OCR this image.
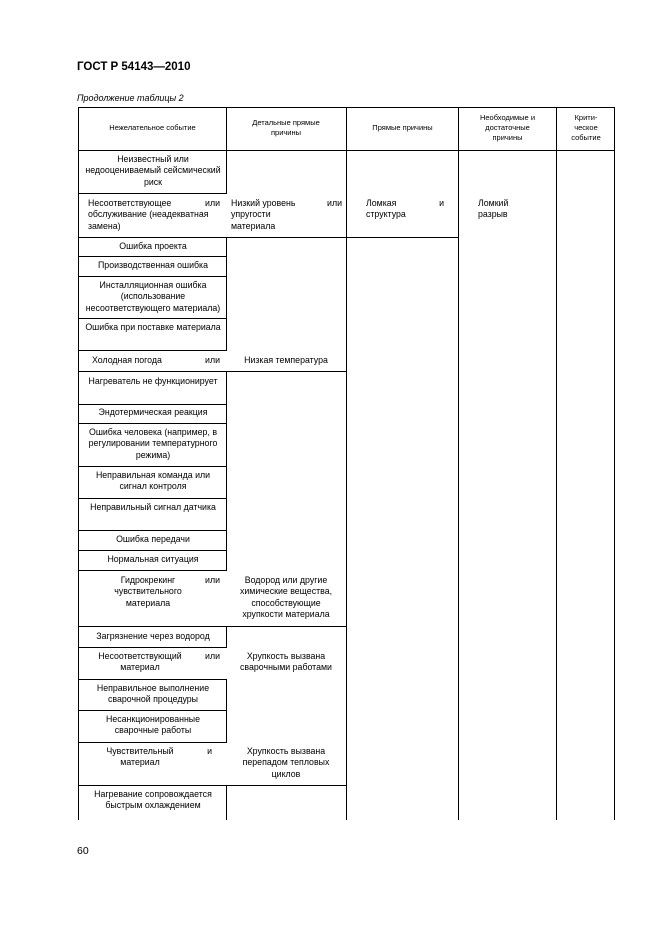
ГОСТ Р 54143—2010
Продолжение таблицы 2
Нежелательное событие
Детальные прямые причины
Прямые причины
Необходимые и достаточные причины
Крити-ческое событие
Неизвестный или недооцениваемый сейсмический риск
Несоответствующее обслуживание (неадекватная замена)
или
Ошибка проекта
Производственная ошибка
Инсталляционная ошибка (использование несоответствующего материала)
Ошибка при поставке материала
Холодная погода	или
Нагреватель не функционирует
Эндотермическая реакция
Ошибка человека (например, в регулировании температурного режима)
Неправильная команда или сигнал контроля
Неправильный сигнал датчика
Ошибка передачи
Нормальная ситуация
Гидрокрекинг чувствительного материала
или
Загрязнение через водород
Несоответствующий материал
или
Неправильное выполнение сварочной процедуры
Несанкционированные сварочные работы
Чувствительный материал
и
Нагревание сопровождается быстрым охлаждением
Низкий уровень упругости материала
или
Низкая температура
Водород или другие химические вещества, способствующие хрупкости материала
Хрупкость вызвана сварочными работами
Хрупкость вызвана перепадом тепловых циклов
Ломкая структура
и	Ломкий разрыв
60
